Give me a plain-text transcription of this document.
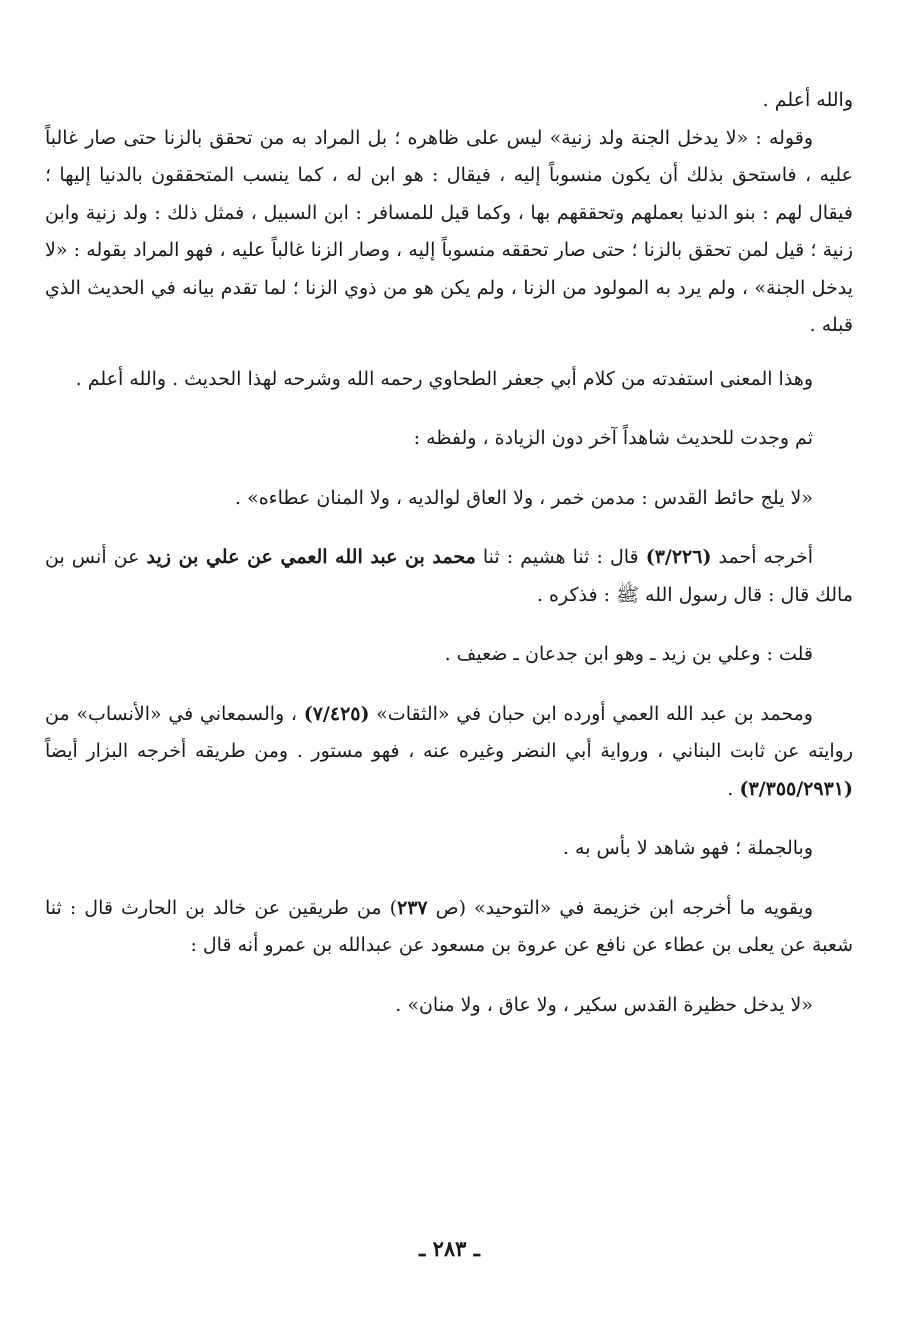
والله أعلم .

وقوله : «لا يدخل الجنة ولد زنية» ليس على ظاهره ؛ بل المراد به من تحقق بالزنا حتى صار غالباً عليه ، فاستحق بذلك أن يكون منسوباً إليه ، فيقال : هو ابن له ، كما ينسب المتحققون بالدنيا إليها ؛ فيقال لهم : بنو الدنيا بعملهم وتحققهم بها ، وكما قيل للمسافر : ابن السبيل ، فمثل ذلك : ولد زنية وابن زنية ؛ قيل لمن تحقق بالزنا ؛ حتى صار تحققه منسوباً إليه ، وصار الزنا غالباً عليه ، فهو المراد بقوله : «لا يدخل الجنة» ، ولم يرد به المولود من الزنا ، ولم يكن هو من ذوي الزنا ؛ لما تقدم بيانه في الحديث الذي قبله .

وهذا المعنى استفدته من كلام أبي جعفر الطحاوي رحمه الله وشرحه لهذا الحديث . والله أعلم .

ثم وجدت للحديث شاهداً آخر دون الزيادة ، ولفظه :

«لا يلج حائط القدس : مدمن خمر ، ولا العاق لوالديه ، ولا المنان عطاءه» .

أخرجه أحمد (٣/٢٢٦) قال : ثنا هشيم : ثنا محمد بن عبد الله العمي عن علي بن زيد عن أنس بن مالك قال : قال رسول الله ﷺ : فذكره .

قلت : وعلي بن زيد ـ وهو ابن جدعان ـ ضعيف .

ومحمد بن عبد الله العمي أورده ابن حبان في «الثقات» (٧/٤٢٥) ، والسمعاني في «الأنساب» من روايته عن ثابت البناني ، ورواية أبي النضر وغيره عنه ، فهو مستور . ومن طريقه أخرجه البزار أيضاً (٣/٣٥٥/٢٩٣١) .

وبالجملة ؛ فهو شاهد لا بأس به .

ويقويه ما أخرجه ابن خزيمة في «التوحيد» (ص ٢٣٧) من طريقين عن خالد بن الحارث قال : ثنا شعبة عن يعلى بن عطاء عن نافع عن عروة بن مسعود عن عبدالله بن عمرو أنه قال :

«لا يدخل حظيرة القدس سكير ، ولا عاق ، ولا منان» .

ـ ٢٨٣ ـ
